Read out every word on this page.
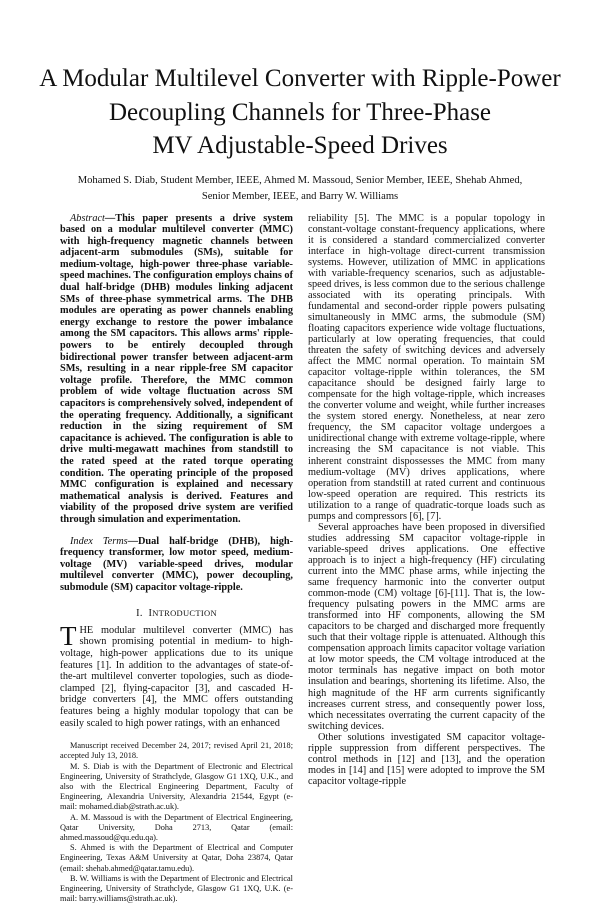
A Modular Multilevel Converter with Ripple-Power
Decoupling Channels for Three-Phase
MV Adjustable-Speed Drives
Mohamed S. Diab, Student Member, IEEE, Ahmed M. Massoud, Senior Member, IEEE, Shehab Ahmed,
Senior Member, IEEE, and Barry W. Williams

Abstract—This paper presents a drive system based on a modular multilevel converter (MMC) with high-frequency magnetic channels between adjacent-arm submodules (SMs), suitable for medium-voltage, high-power three-phase variable-speed machines. The configuration employs chains of dual half-bridge (DHB) modules linking adjacent SMs of three-phase symmetrical arms. The DHB modules are operating as power channels enabling energy exchange to restore the power imbalance among the SM capacitors. This allows arms' ripple-powers to be entirely decoupled through bidirectional power transfer between adjacent-arm SMs, resulting in a near ripple-free SM capacitor voltage profile. Therefore, the MMC common problem of wide voltage fluctuation across SM capacitors is comprehensively solved, independent of the operating frequency. Additionally, a significant reduction in the sizing requirement of SM capacitance is achieved. The configuration is able to drive multi-megawatt machines from standstill to the rated speed at the rated torque operating condition. The operating principle of the proposed MMC configuration is explained and necessary mathematical analysis is derived. Features and viability of the proposed drive system are verified through simulation and experimentation.

Index Terms—Dual half-bridge (DHB), high-frequency transformer, low motor speed, medium-voltage (MV) variable-speed drives, modular multilevel converter (MMC), power decoupling, submodule (SM) capacitor voltage-ripple.

I. INTRODUCTION

THE modular multilevel converter (MMC) has shown promising potential in medium- to high-voltage, high-power applications due to its unique features [1]. In addition to the advantages of state-of-the-art multilevel converter topologies, such as diode-clamped [2], flying-capacitor [3], and cascaded H-bridge converters [4], the MMC offers outstanding features being a highly modular topology that can be easily scaled to high power ratings, with an enhanced

Manuscript received December 24, 2017; revised April 21, 2018; accepted July 13, 2018.

M. S. Diab is with the Department of Electronic and Electrical Engineering, University of Strathclyde, Glasgow G1 1XQ, U.K., and also with the Electrical Engineering Department, Faculty of Engineering, Alexandria University, Alexandria 21544, Egypt (e-mail: mohamed.diab@strath.ac.uk).

A. M. Massoud is with the Department of Electrical Engineering, Qatar University, Doha 2713, Qatar (email: ahmed.massoud@qu.edu.qa).

S. Ahmed is with the Department of Electrical and Computer Engineering, Texas A&M University at Qatar, Doha 23874, Qatar (email: shehab.ahmed@qatar.tamu.edu).

B. W. Williams is with the Department of Electronic and Electrical Engineering, University of Strathclyde, Glasgow G1 1XQ, U.K. (e-mail: barry.williams@strath.ac.uk).

reliability [5]. The MMC is a popular topology in constant-voltage constant-frequency applications, where it is considered a standard commercialized converter interface in high-voltage direct-current transmission systems. However, utilization of MMC in applications with variable-frequency scenarios, such as adjustable-speed drives, is less common due to the serious challenge associated with its operating principals. With fundamental and second-order ripple powers pulsating simultaneously in MMC arms, the submodule (SM) floating capacitors experience wide voltage fluctuations, particularly at low operating frequencies, that could threaten the safety of switching devices and adversely affect the MMC normal operation. To maintain SM capacitor voltage-ripple within tolerances, the SM capacitance should be designed fairly large to compensate for the high voltage-ripple, which increases the converter volume and weight, while further increases the system stored energy. Nonetheless, at near zero frequency, the SM capacitor voltage undergoes a unidirectional change with extreme voltage-ripple, where increasing the SM capacitance is not viable. This inherent constraint dispossesses the MMC from many medium-voltage (MV) drives applications, where operation from standstill at rated current and continuous low-speed operation are required. This restricts its utilization to a range of quadratic-torque loads such as pumps and compressors [6], [7].

Several approaches have been proposed in diversified studies addressing SM capacitor voltage-ripple in variable-speed drives applications. One effective approach is to inject a high-frequency (HF) circulating current into the MMC phase arms, while injecting the same frequency harmonic into the converter output common-mode (CM) voltage [6]-[11]. That is, the low-frequency pulsating powers in the MMC arms are transformed into HF components, allowing the SM capacitors to be charged and discharged more frequently such that their voltage ripple is attenuated. Although this compensation approach limits capacitor voltage variation at low motor speeds, the CM voltage introduced at the motor terminals has negative impact on both motor insulation and bearings, shortening its lifetime. Also, the high magnitude of the HF arm currents significantly increases current stress, and consequently power loss, which necessitates overrating the current capacity of the switching devices.

Other solutions investigated SM capacitor voltage-ripple suppression from different perspectives. The control methods in [12] and [13], and the operation modes in [14] and [15] were adopted to improve the SM capacitor voltage-ripple
